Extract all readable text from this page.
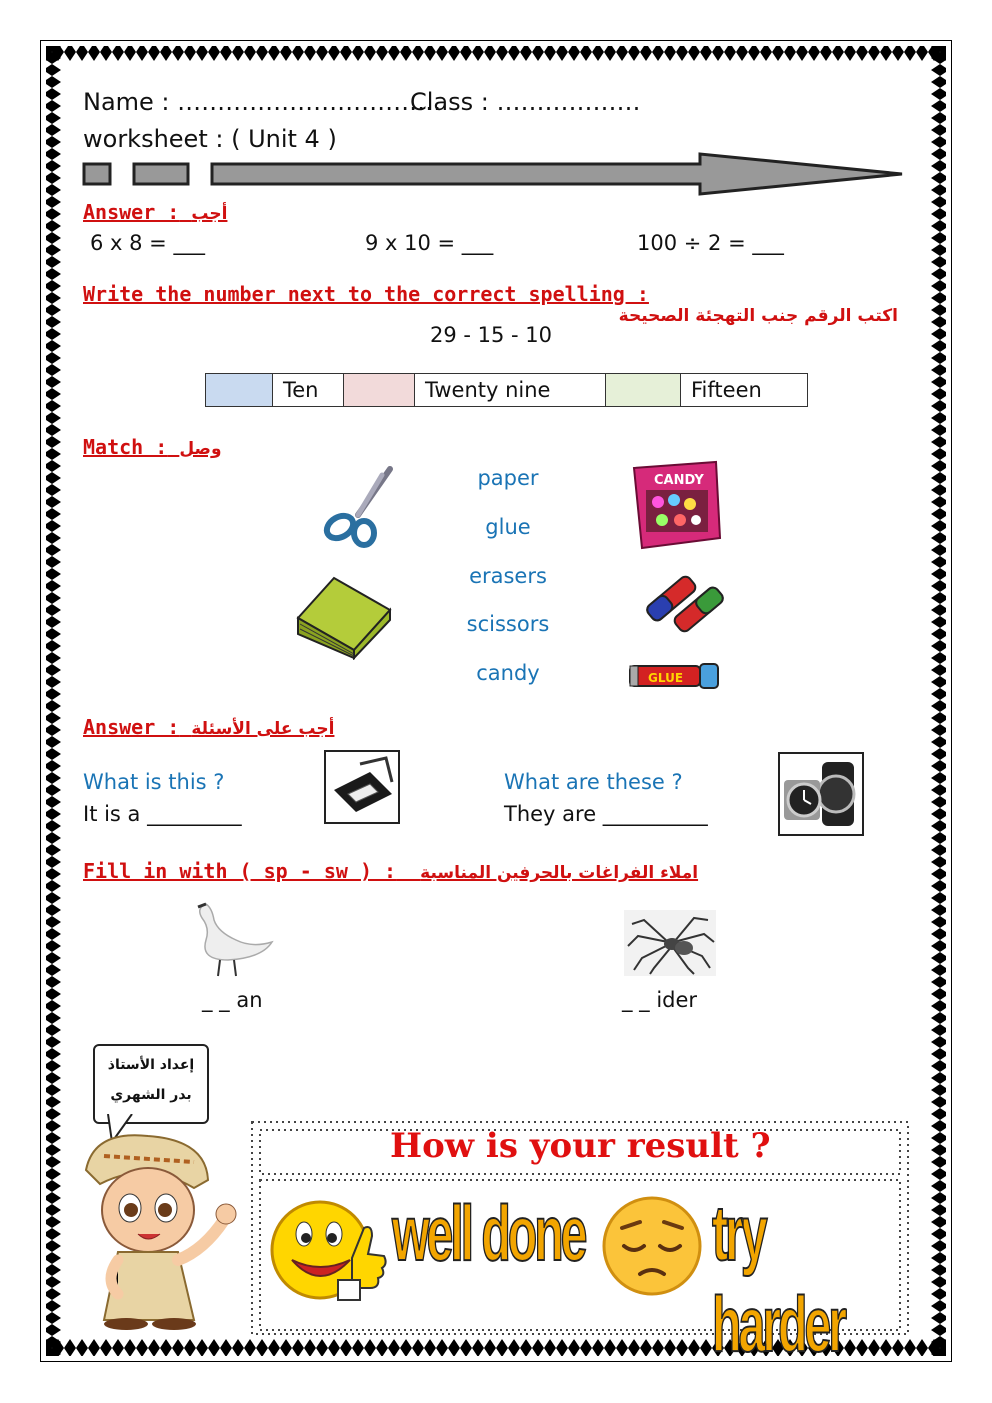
Name : ……………………………
Class : ………………
worksheet : ( Unit 4 )
Answer : أجب
6 x 8 = ___	9 x 10 = ___	100 ÷ 2 = ___
Write the number next to the correct spelling :
اكتب الرقم جنب التهجئة الصحيحة
29 - 15 - 10
	Ten		Twenty nine		Fifteen
Match : وصل
paper
glue
erasers
scissors
candy
CANDY
GLUE
Answer : أجب على الأسئلة
What is this ?
It is a _________
What are these ?
They are __________
Fill in with ( sp - sw ) : املاء الفراغات بالحرفين المناسبة
_ _ an	_ _ ider
إعداد الأستاذ
بدر الشهري
How is your result ?
well done try harder
